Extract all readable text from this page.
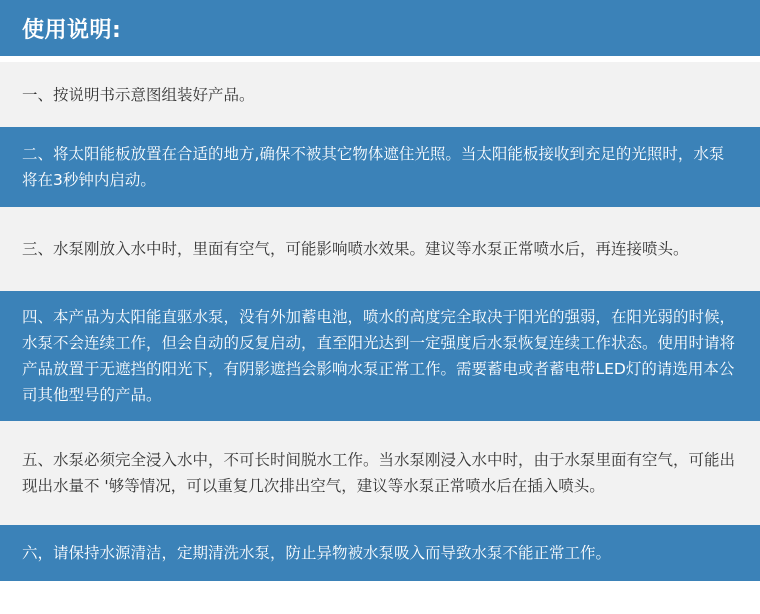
使用说明:
一、按说明书示意图组装好产品。
二、将太阳能板放置在合适的地方,确保不被其它物体遮住光照。当太阳能板接收到充足的光照时，水泵将在3秒钟内启动。
三、水泵刚放入水中时，里面有空气，可能影响喷水效果。建议等水泵正常喷水后，再连接喷头。
四、本产品为太阳能直驱水泵，没有外加蓄电池，喷水的高度完全取决于阳光的强弱，在阳光弱的时候，水泵不会连续工作，但会自动的反复启动，直至阳光达到一定强度后水泵恢复连续工作状态。使用时请将产品放置于无遮挡的阳光下，有阴影遮挡会影响水泵正常工作。需要蓄电或者蓄电带LED灯的请选用本公司其他型号的产品。
五、水泵必须完全浸入水中，不可长时间脱水工作。当水泵刚浸入水中时，由于水泵里面有空气，可能出现出水量不 '够等情况，可以重复几次排出空气，建议等水泵正常喷水后在插入喷头。
六，请保持水源清洁，定期清洗水泵，防止异物被水泵吸入而导致水泵不能正常工作。
